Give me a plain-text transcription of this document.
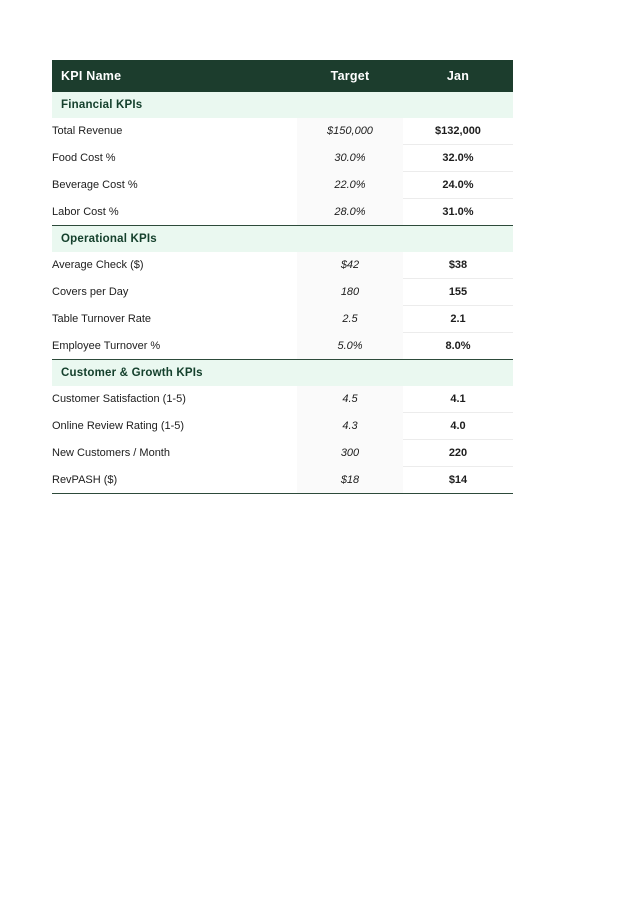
KPI Name	Target	Jan	
Financial KPIs			
Total Revenue	$150,000	$132,000	
Food Cost %	30.0%	32.0%	
Beverage Cost %	22.0%	24.0%	
Labor Cost %	28.0%	31.0%	
Operational KPIs			
Average Check ($)	$42	$38	
Covers per Day	180	155	
Table Turnover Rate	2.5	2.1	
Employee Turnover %	5.0%	8.0%	
Customer & Growth KPIs			
Customer Satisfaction (1-5)	4.5	4.1	
Online Review Rating (1-5)	4.3	4.0	
New Customers / Month	300	220	
RevPASH ($)	$18	$14	
